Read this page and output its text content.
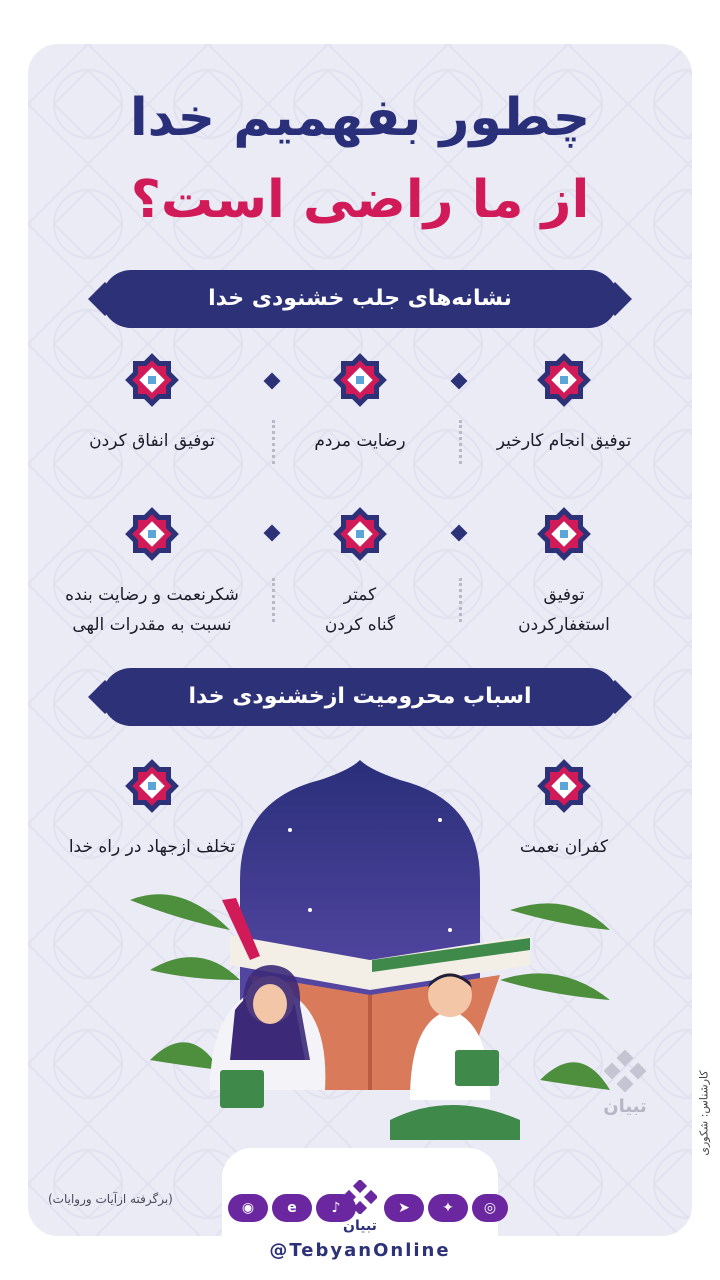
چطور بفهمیم خدا
از ما راضی است؟
نشانه‌های جلب خشنودی خدا
توفیق انجام کارخیر
رضایت مردم
توفیق انفاق کردن
توفیق
استغفارکردن
کمتر
گناه کردن
شکرنعمت و رضایت بنده
نسبت به مقدرات الهی
اسباب محرومیت ازخشنودی خدا
کفران نعمت
تخلف ازجهاد در راه خدا
تبیان	کارشناس: شکوری
(برگرفته ازآیات وروایات)
◉	e	♪	➤	✦	◎
تبیان
@TebyanOnline
